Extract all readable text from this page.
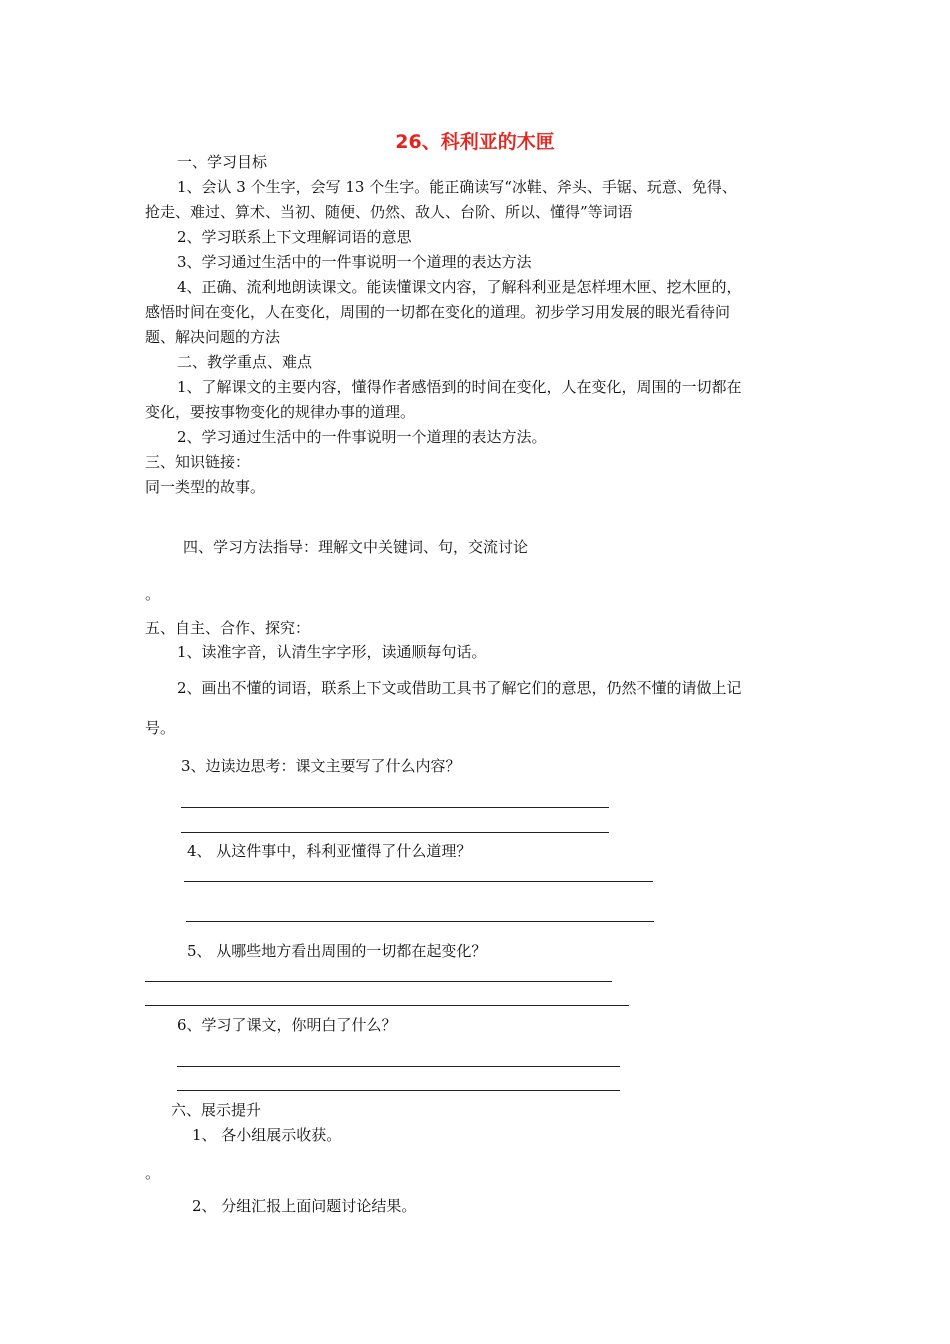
26、科利亚的木匣
一、学习目标
1、会认 3 个生字，会写 13 个生字。能正确读写“冰鞋、斧头、手锯、玩意、免得、
抢走、难过、算术、当初、随便、仍然、敌人、台阶、所以、懂得”等词语
2、学习联系上下文理解词语的意思
3、学习通过生活中的一件事说明一个道理的表达方法
4、正确、流利地朗读课文。能读懂课文内容，了解科利亚是怎样埋木匣、挖木匣的，
感悟时间在变化，人在变化，周围的一切都在变化的道理。初步学习用发展的眼光看待问
题、解决问题的方法
二、教学重点、难点
1、了解课文的主要内容，懂得作者感悟到的时间在变化，人在变化，周围的一切都在
变化，要按事物变化的规律办事的道理。
2、学习通过生活中的一件事说明一个道理的表达方法。
三、知识链接：
同一类型的故事。
四、学习方法指导：理解文中关键词、句，交流讨论
。
五、自主、合作、探究：
1、读准字音，认清生字字形，读通顺每句话。
2、画出不懂的词语，联系上下文或借助工具书了解它们的意思，仍然不懂的请做上记
号。
3、边读边思考：课文主要写了什么内容？
4、 从这件事中，科利亚懂得了什么道理？
5、 从哪些地方看出周围的一切都在起变化？
6、学习了课文，你明白了什么？
六、展示提升
1、 各小组展示收获。
。
2、 分组汇报上面问题讨论结果。
